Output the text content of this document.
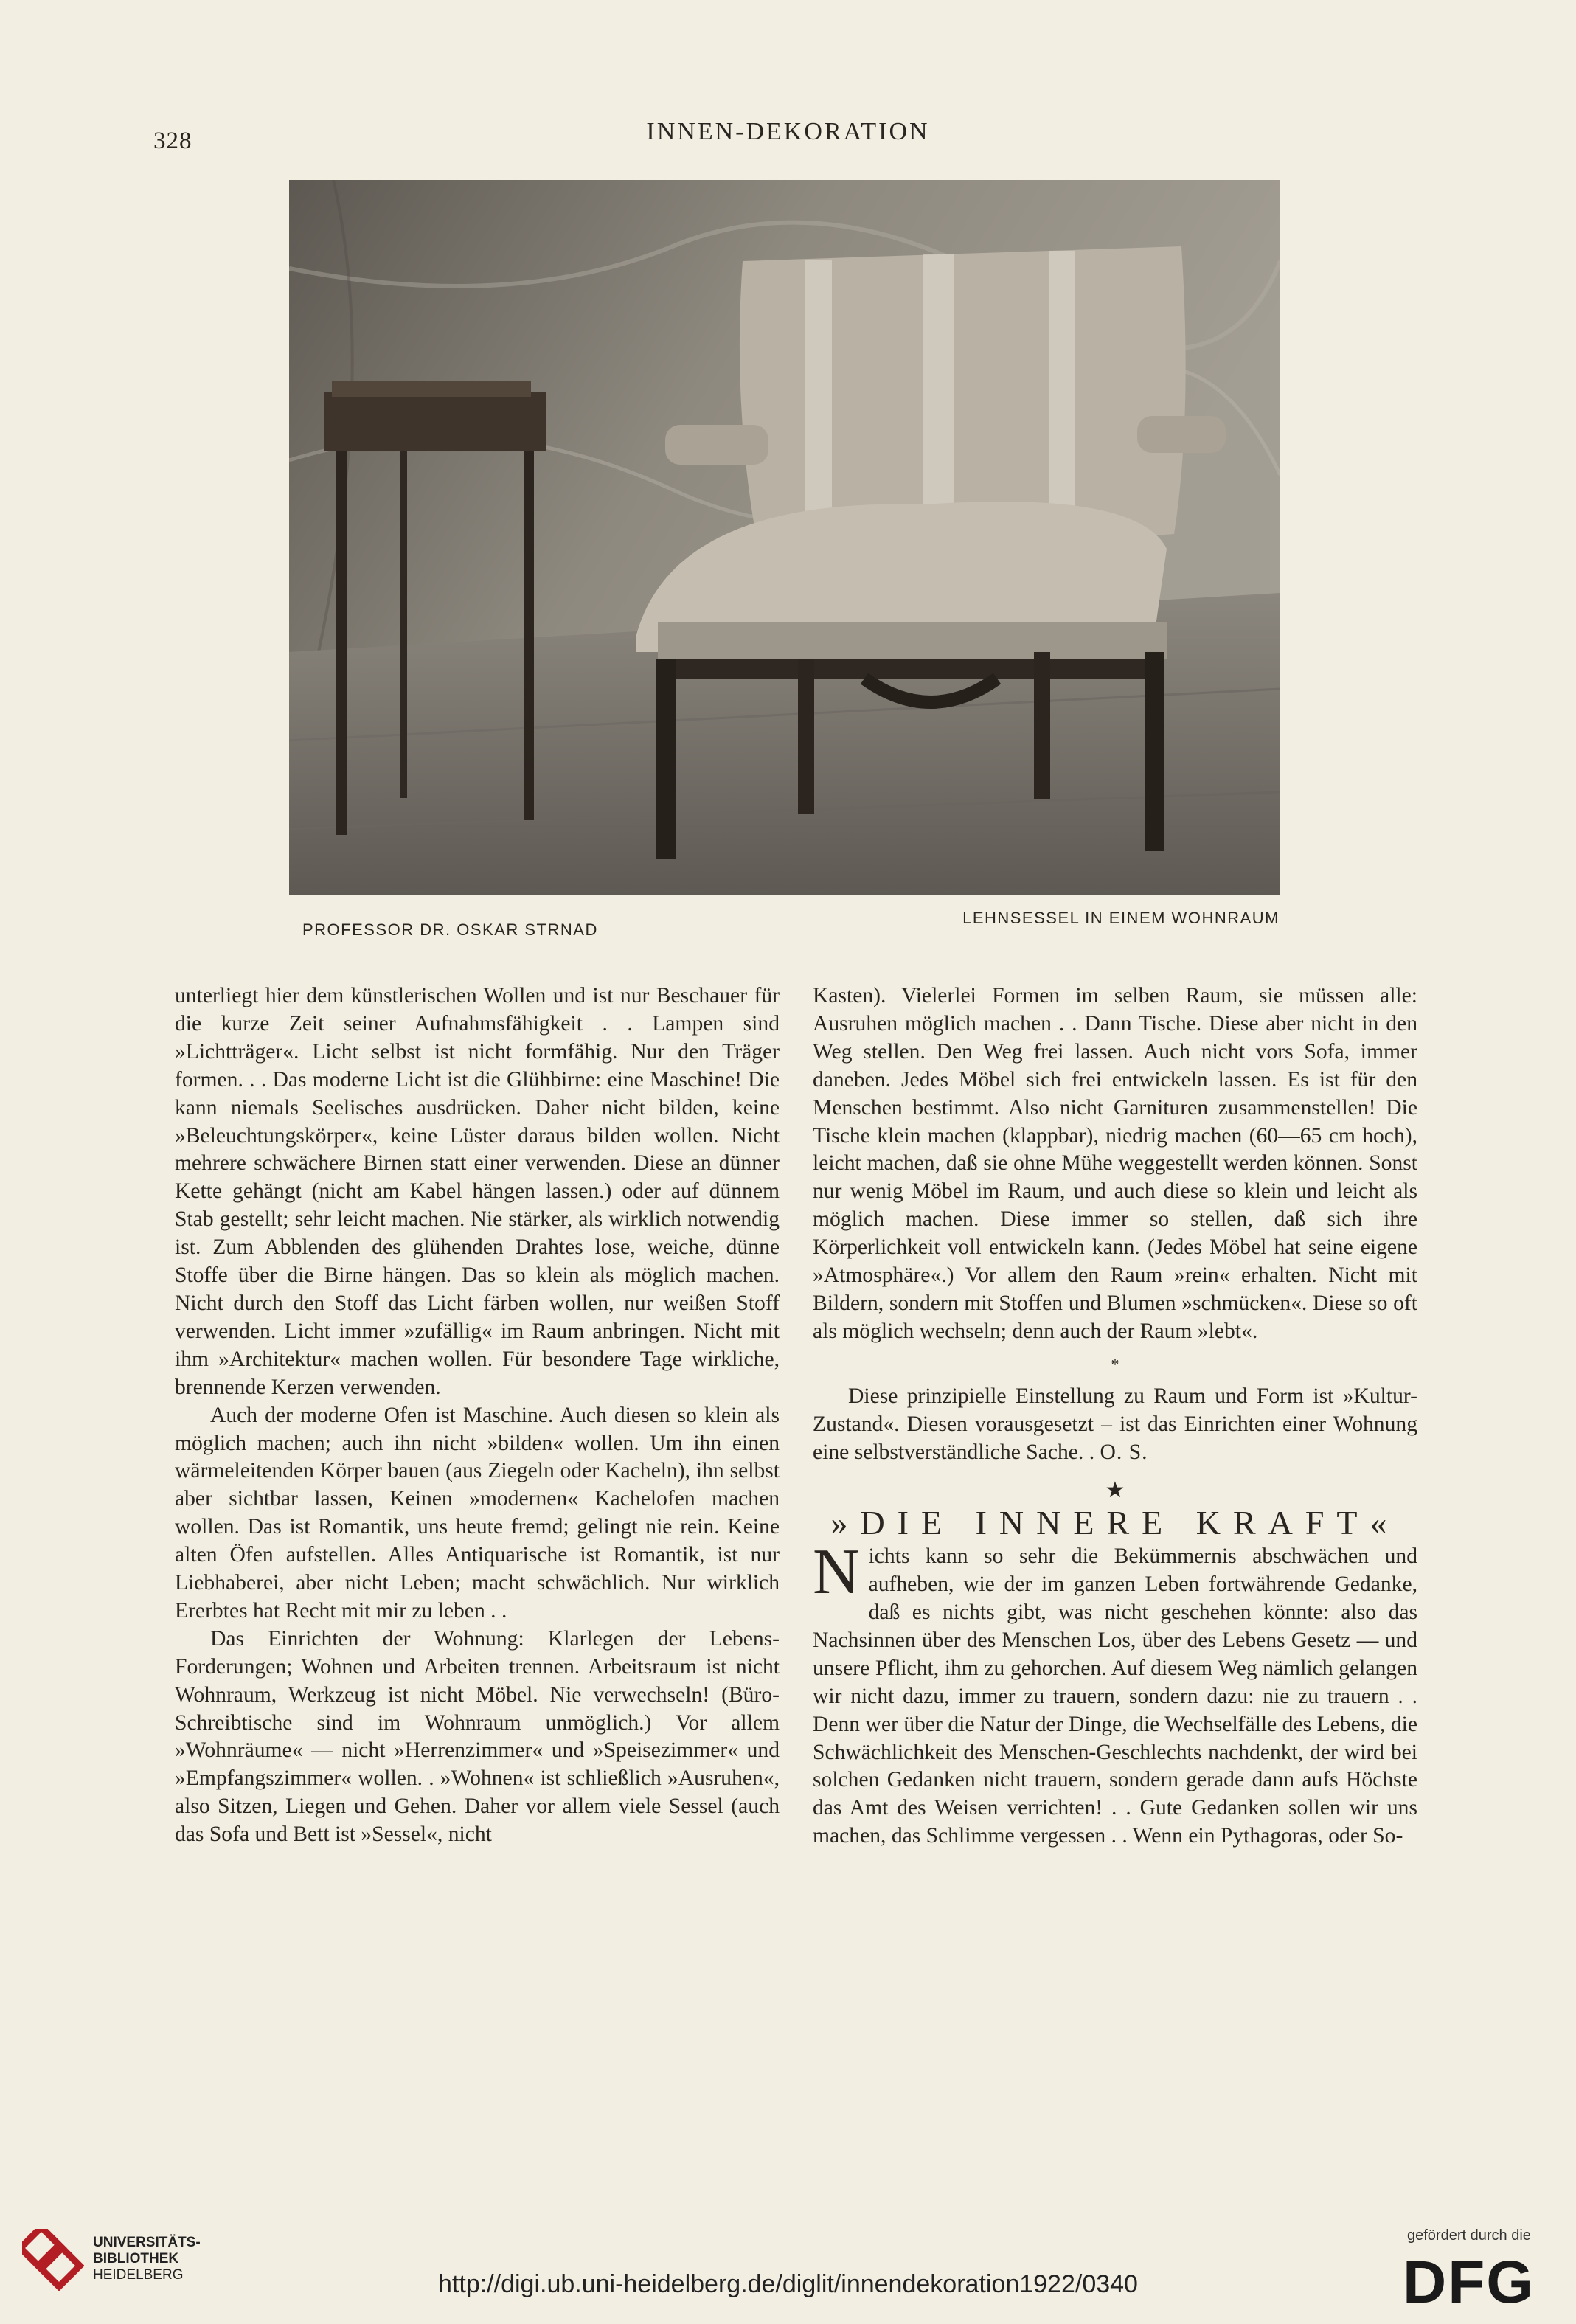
328	INNEN-DEKORATION
PROFESSOR DR. OSKAR STRNAD
LEHNSESSEL IN EINEM WOHNRAUM

unterliegt hier dem künstlerischen Wollen und ist nur Beschauer für die kurze Zeit seiner Aufnahmsfähigkeit . . Lampen sind »Lichtträger«. Licht selbst ist nicht formfähig. Nur den Träger formen. . . Das moderne Licht ist die Glühbirne: eine Maschine! Die kann niemals Seelisches ausdrücken. Daher nicht bilden, keine »Beleuchtungskörper«, keine Lüster daraus bilden wollen. Nicht mehrere schwächere Birnen statt einer verwenden. Diese an dünner Kette gehängt (nicht am Kabel hängen lassen.) oder auf dünnem Stab gestellt; sehr leicht machen. Nie stärker, als wirklich notwendig ist. Zum Abblenden des glühenden Drahtes lose, weiche, dünne Stoffe über die Birne hängen. Das so klein als möglich machen. Nicht durch den Stoff das Licht färben wollen, nur weißen Stoff verwenden. Licht immer »zufällig« im Raum anbringen. Nicht mit ihm »Architektur« machen wollen. Für besondere Tage wirkliche, brennende Kerzen verwenden.

Auch der moderne Ofen ist Maschine. Auch diesen so klein als möglich machen; auch ihn nicht »bilden« wollen. Um ihn einen wärmeleitenden Körper bauen (aus Ziegeln oder Kacheln), ihn selbst aber sichtbar lassen, Keinen »modernen« Kachelofen machen wollen. Das ist Romantik, uns heute fremd; gelingt nie rein. Keine alten Öfen aufstellen. Alles Antiquarische ist Romantik, ist nur Liebhaberei, aber nicht Leben; macht schwächlich. Nur wirklich Ererbtes hat Recht mit mir zu leben . .

Das Einrichten der Wohnung: Klarlegen der Lebens-Forderungen; Wohnen und Arbeiten trennen. Arbeitsraum ist nicht Wohnraum, Werkzeug ist nicht Möbel. Nie verwechseln! (Büro-Schreibtische sind im Wohnraum unmöglich.) Vor allem »Wohnräume« — nicht »Herrenzimmer« und »Speisezimmer« und »Empfangszimmer« wollen. . »Wohnen« ist schließlich »Ausruhen«, also Sitzen, Liegen und Gehen. Daher vor allem viele Sessel (auch das Sofa und Bett ist »Sessel«, nicht

Kasten). Vielerlei Formen im selben Raum, sie müssen alle: Ausruhen möglich machen . . Dann Tische. Diese aber nicht in den Weg stellen. Den Weg frei lassen. Auch nicht vors Sofa, immer daneben. Jedes Möbel sich frei entwickeln lassen. Es ist für den Menschen bestimmt. Also nicht Garnituren zusammenstellen! Die Tische klein machen (klappbar), niedrig machen (60—65 cm hoch), leicht machen, daß sie ohne Mühe weggestellt werden können. Sonst nur wenig Möbel im Raum, und auch diese so klein und leicht als möglich machen. Diese immer so stellen, daß sich ihre Körperlichkeit voll entwickeln kann. (Jedes Möbel hat seine eigene »Atmosphäre«.) Vor allem den Raum »rein« erhalten. Nicht mit Bildern, sondern mit Stoffen und Blumen »schmücken«. Diese so oft als möglich wechseln; denn auch der Raum »lebt«.

*

Diese prinzipielle Einstellung zu Raum und Form ist »Kultur-Zustand«. Diesen vorausgesetzt – ist das Einrichten einer Wohnung eine selbstverständliche Sache. . O. S.

★
»DIE INNERE KRAFT«

Nichts kann so sehr die Bekümmernis abschwächen und aufheben, wie der im ganzen Leben fortwährende Gedanke, daß es nichts gibt, was nicht geschehen könnte: also das Nachsinnen über des Menschen Los, über des Lebens Gesetz — und unsere Pflicht, ihm zu gehorchen. Auf diesem Weg nämlich gelangen wir nicht dazu, immer zu trauern, sondern dazu: nie zu trauern . . Denn wer über die Natur der Dinge, die Wechselfälle des Lebens, die Schwächlichkeit des Menschen-Geschlechts nachdenkt, der wird bei solchen Gedanken nicht trauern, sondern gerade dann aufs Höchste das Amt des Weisen verrichten! . . Gute Gedanken sollen wir uns machen, das Schlimme vergessen . . Wenn ein Pythagoras, oder So-

UNIVERSITÄTS-
BIBLIOTHEK
HEIDELBERG	http://digi.ub.uni-heidelberg.de/diglit/innendekoration1922/0340
gefördert durch die
DFG
